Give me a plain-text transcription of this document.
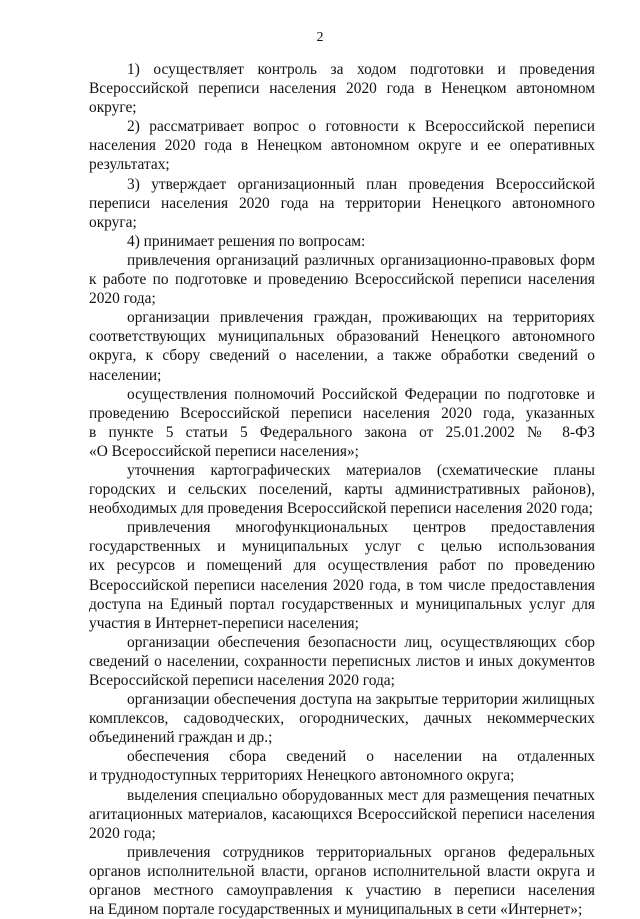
2

1) осуществляет контроль за ходом подготовки и проведения Всероссийской переписи населения 2020 года в Ненецком автономном округе;

2) рассматривает вопрос о готовности к Всероссийской переписи населения 2020 года в Ненецком автономном округе и ее оперативных результатах;

3) утверждает организационный план проведения Всероссийской переписи населения 2020 года на территории Ненецкого автономного округа;

4) принимает решения по вопросам:

привлечения организаций различных организационно-правовых форм к работе по подготовке и проведению Всероссийской переписи населения 2020 года;

организации привлечения граждан, проживающих на территориях соответствующих муниципальных образований Ненецкого автономного округа, к сбору сведений о населении, а также обработки сведений о населении;

осуществления полномочий Российской Федерации по подготовке и проведению Всероссийской переписи населения 2020 года, указанных в пункте 5 статьи 5 Федерального закона от 25.01.2002 № 8-ФЗ «О Всероссийской переписи населения»;

уточнения картографических материалов (схематические планы городских и сельских поселений, карты административных районов), необходимых для проведения Всероссийской переписи населения 2020 года;

привлечения многофункциональных центров предоставления государственных и муниципальных услуг с целью использования их ресурсов и помещений для осуществления работ по проведению Всероссийской переписи населения 2020 года, в том числе предоставления доступа на Единый портал государственных и муниципальных услуг для участия в Интернет-переписи населения;

организации обеспечения безопасности лиц, осуществляющих сбор сведений о населении, сохранности переписных листов и иных документов Всероссийской переписи населения 2020 года;

организации обеспечения доступа на закрытые территории жилищных комплексов, садоводческих, огороднических, дачных некоммерческих объединений граждан и др.;

обеспечения сбора сведений о населении на отдаленных и труднодоступных территориях Ненецкого автономного округа;

выделения специально оборудованных мест для размещения печатных агитационных материалов, касающихся Всероссийской переписи населения 2020 года;

привлечения сотрудников территориальных органов федеральных органов исполнительной власти, органов исполнительной власти округа и органов местного самоуправления к участию в переписи населения на Едином портале государственных и муниципальных в сети «Интернет»;
